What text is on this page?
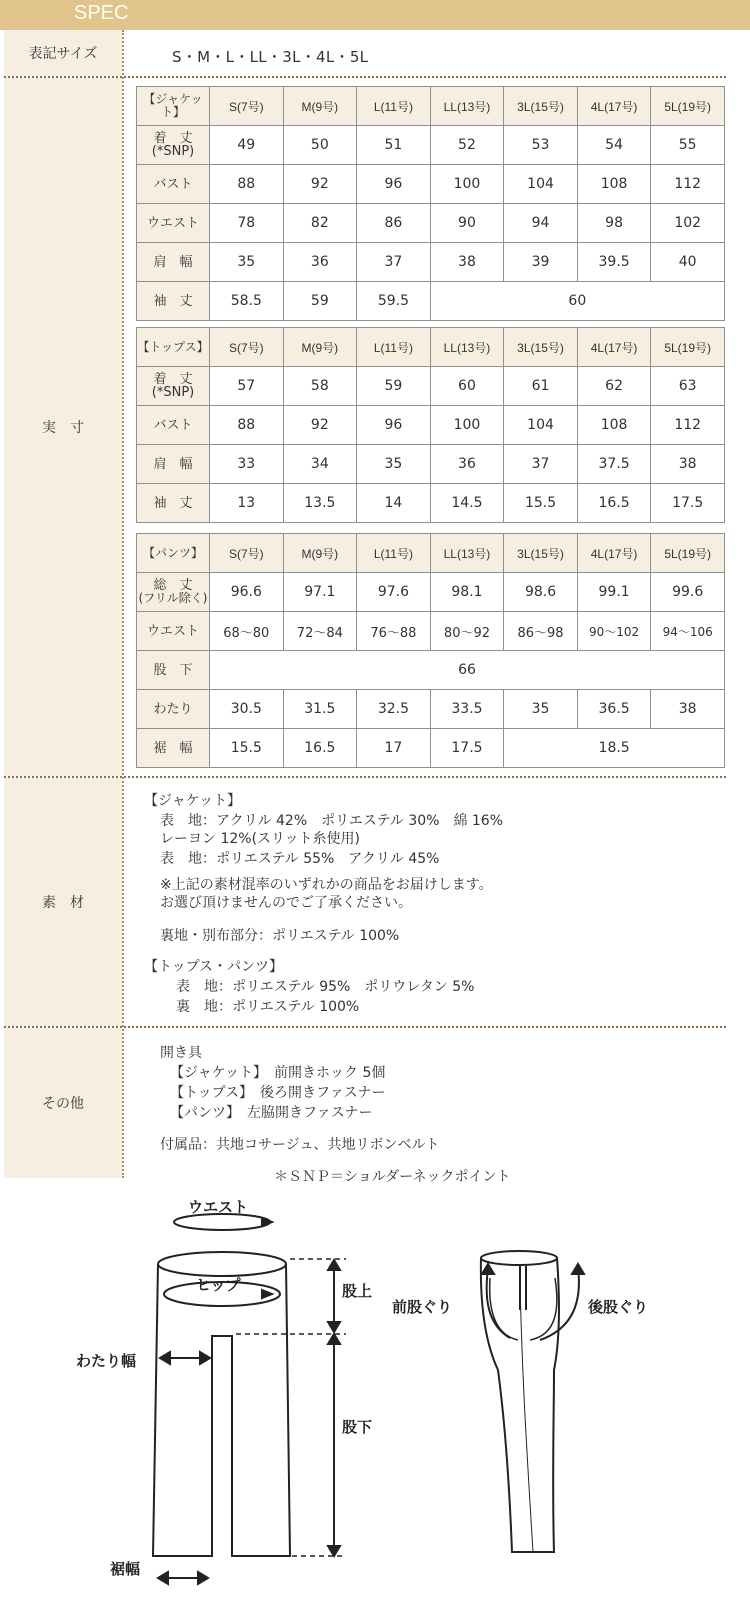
SPEC
表記サイズ	S・M・L・LL・3L・4L・5L
実　寸
【ジャケット】	S(7号)	M(9号)	L(11号)	LL(13号)	3L(15号)	4L(17号)	5L(19号)
着　丈
(*SNP)	49	50	51	52	53	54	55
バスト	88	92	96	100	104	108	112
ウエスト	78	82	86	90	94	98	102
肩　幅	35	36	37	38	39	39.5	40
袖　丈	58.5	59	59.5	60			
【トップス】	S(7号)	M(9号)	L(11号)	LL(13号)	3L(15号)	4L(17号)	5L(19号)
着　丈
(*SNP)	57	58	59	60	61	62	63
バスト	88	92	96	100	104	108	112
肩　幅	33	34	35	36	37	37.5	38
袖　丈	13	13.5	14	14.5	15.5	16.5	17.5
【パンツ】	S(7号)	M(9号)	L(11号)	LL(13号)	3L(15号)	4L(17号)	5L(19号)
総　丈
(フリル除く)	96.6	97.1	97.6	98.1	98.6	99.1	99.6
ウエスト	68～80	72～84	76～88	80～92	86～98	90～102	94～106
股　下	66						
わたり	30.5	31.5	32.5	33.5	35	36.5	38
裾　幅	15.5	16.5	17	17.5	18.5		
素　材
【ジャケット】
表　地：アクリル 42%　ポリエステル 30%　綿 16%
レーヨン 12%(スリット糸使用)
表　地：ポリエステル 55%　アクリル 45%
※上記の素材混率のいずれかの商品をお届けします。
お選び頂けませんのでご了承ください。
裏地・別布部分：ポリエステル 100%
【トップス・パンツ】
表　地：ポリエステル 95%　ポリウレタン 5%
裏　地：ポリエステル 100%
その他
開き具
【ジャケット】　前開きホック 5個
【トップス】　後ろ開きファスナー
【パンツ】　左脇開きファスナー
付属品：共地コサージュ、共地リボンベルト
＊ＳＮＰ＝ショルダーネックポイント
ウエスト
ヒップ	股上
わたり幅
股下
裾幅
前股ぐり	後股ぐり
